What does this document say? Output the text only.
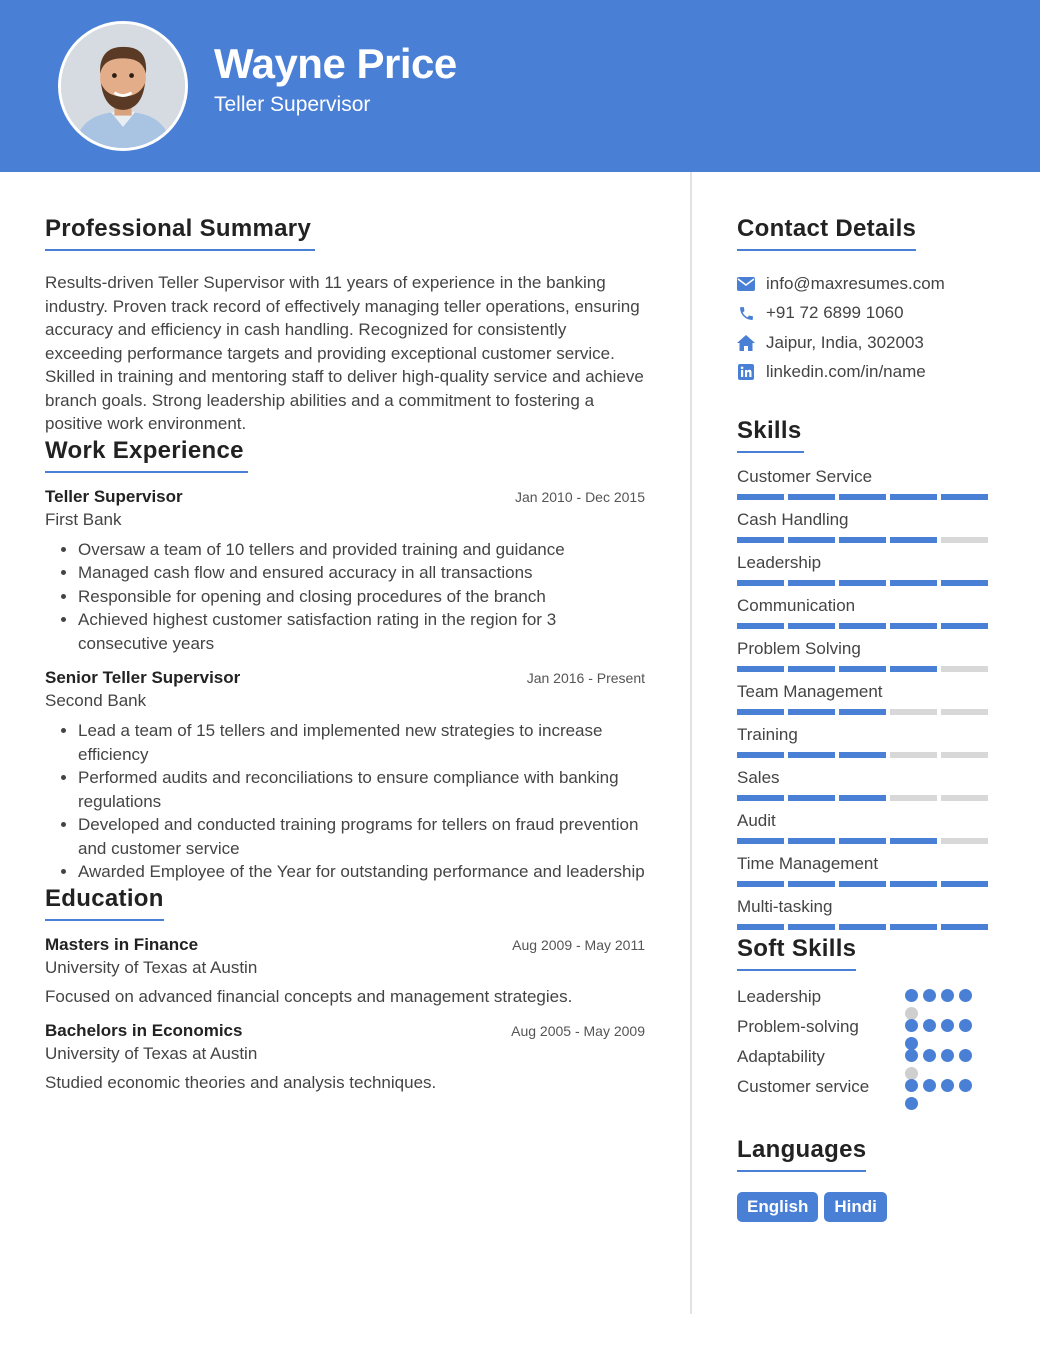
Wayne Price
Teller Supervisor
Professional Summary
Results-driven Teller Supervisor with 11 years of experience in the banking industry. Proven track record of effectively managing teller operations, ensuring accuracy and efficiency in cash handling. Recognized for consistently exceeding performance targets and providing exceptional customer service. Skilled in training and mentoring staff to deliver high-quality service and achieve branch goals. Strong leadership abilities and a commitment to fostering a positive work environment.
Work Experience
Teller Supervisor	Jan 2010 - Dec 2015
First Bank
• Oversaw a team of 10 tellers and provided training and guidance
• Managed cash flow and ensured accuracy in all transactions
• Responsible for opening and closing procedures of the branch
• Achieved highest customer satisfaction rating in the region for 3 consecutive years
Senior Teller Supervisor	Jan 2016 - Present
Second Bank
• Lead a team of 15 tellers and implemented new strategies to increase efficiency
• Performed audits and reconciliations to ensure compliance with banking regulations
• Developed and conducted training programs for tellers on fraud prevention and customer service
• Awarded Employee of the Year for outstanding performance and leadership
Education
Masters in Finance	Aug 2009 - May 2011
University of Texas at Austin
Focused on advanced financial concepts and management strategies.
Bachelors in Economics	Aug 2005 - May 2009
University of Texas at Austin
Studied economic theories and analysis techniques.
Contact Details
info@maxresumes.com
+91 72 6899 1060
Jaipur, India, 302003
linkedin.com/in/name
Skills
Customer Service
Cash Handling
Leadership
Communication
Problem Solving
Team Management
Training
Sales
Audit
Time Management
Multi-tasking
Soft Skills
Leadership
Problem-solving
Adaptability
Customer service
Languages
English	Hindi
